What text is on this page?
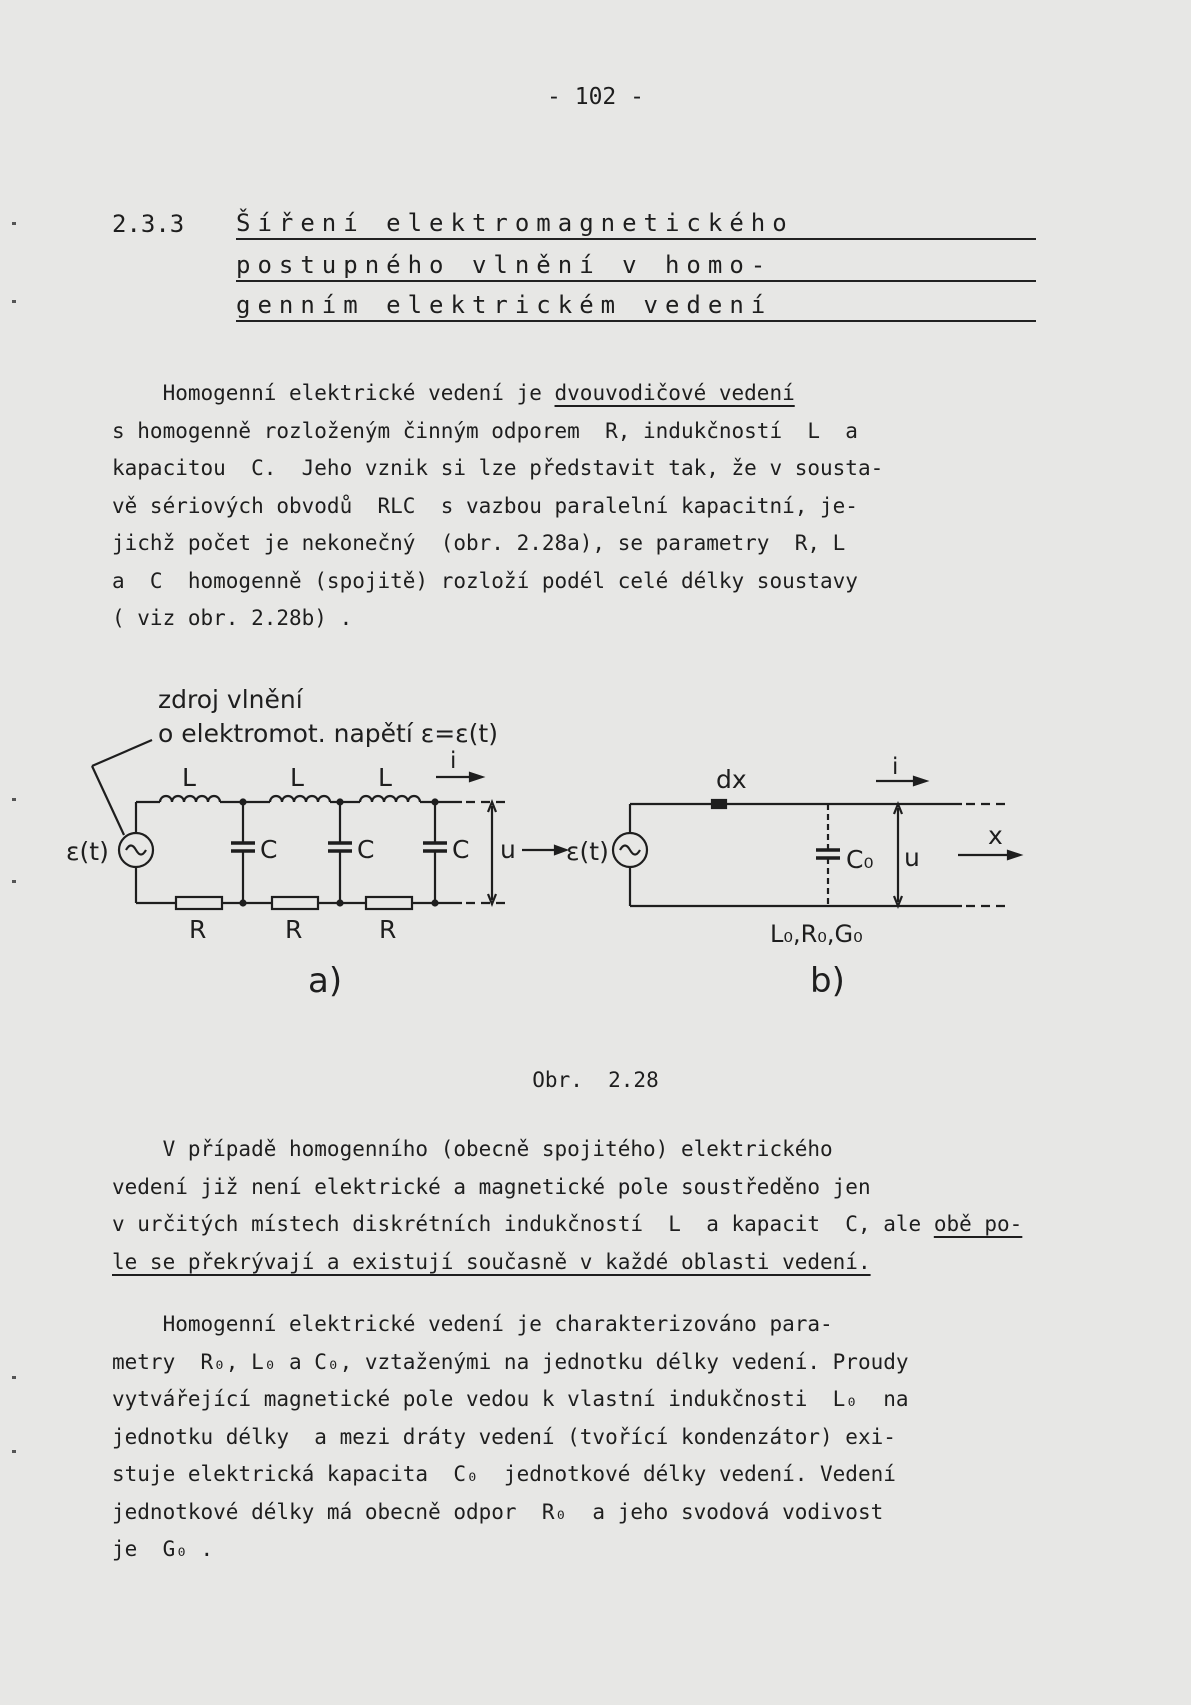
- 102 -
2.3.3 Šíření elektromagnetického
postupného vlnění v homo-
genním elektrickém vedení
Homogenní elektrické vedení je dvouvodičové vedení
s homogenně rozloženým činným odporem  R, indukčností  L  a
kapacitou  C.  Jeho vznik si lze představit tak, že v sousta-
vě sériových obvodů  RLC  s vazbou paralelní kapacitní, je-
jichž počet je nekonečný  (obr. 2.28a), se parametry  R, L
a  C  homogenně (spojitě) rozloží podél celé délky soustavy
( viz obr. 2.28b) .
zdroj vlnění
o elektromot. napětí ε=ε(t)
ε(t)	C	C	C
L	L	L
R	R	R
i
u
a)
ε(t)
dx
C₀ u
i
x
L₀,R₀,G₀
b)
Obr.  2.28
V případě homogenního (obecně spojitého) elektrického
vedení již není elektrické a magnetické pole soustředěno jen
v určitých místech diskrétních indukčností  L  a kapacit  C, ale obě po-
le se překrývají a existují současně v každé oblasti vedení.
Homogenní elektrické vedení je charakterizováno para-
metry  R₀, L₀ a C₀, vztaženými na jednotku délky vedení. Proudy
vytvářející magnetické pole vedou k vlastní indukčnosti  L₀  na
jednotku délky  a mezi dráty vedení (tvořící kondenzátor) exi-
stuje elektrická kapacita  C₀  jednotkové délky vedení. Vedení
jednotkové délky má obecně odpor  R₀  a jeho svodová vodivost
je  G₀ .
